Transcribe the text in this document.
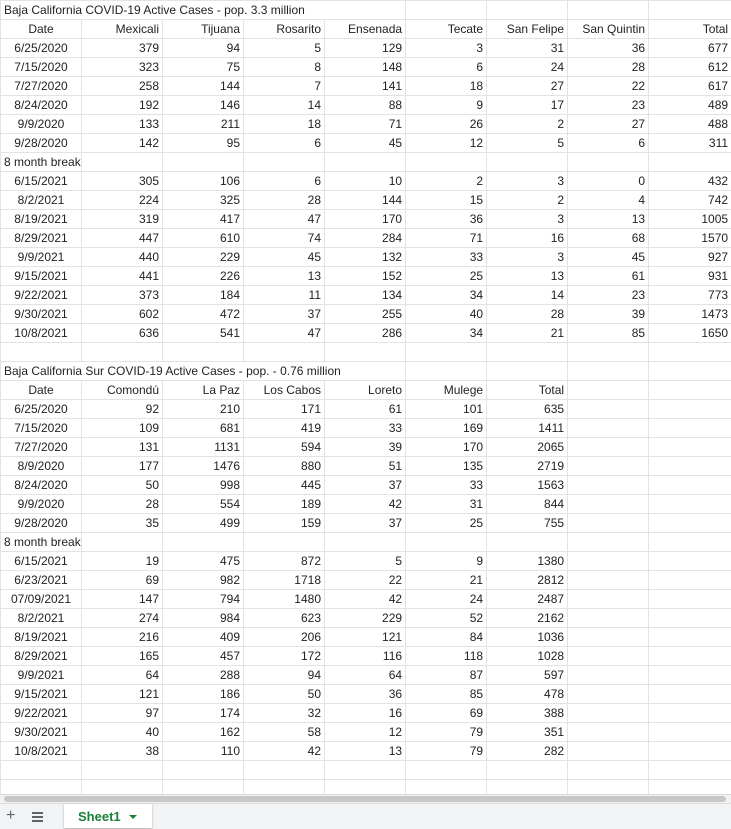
Baja California COVID-19 Active Cases - pop. 3.3 million								
Date	Mexicali	Tijuana	Rosarito	Ensenada	Tecate	San Felipe	San Quintin	Total
6/25/2020	379	94	5	129	3	31	36	677
7/15/2020	323	75	8	148	6	24	28	612
7/27/2020	258	144	7	141	18	27	22	617
8/24/2020	192	146	14	88	9	17	23	489
9/9/2020	133	211	18	71	26	2	27	488
9/28/2020	142	95	6	45	12	5	6	311
8 month break								
6/15/2021	305	106	6	10	2	3	0	432
8/2/2021	224	325	28	144	15	2	4	742
8/19/2021	319	417	47	170	36	3	13	1005
8/29/2021	447	610	74	284	71	16	68	1570
9/9/2021	440	229	45	132	33	3	45	927
9/15/2021	441	226	13	152	25	13	61	931
9/22/2021	373	184	11	134	34	14	23	773
9/30/2021	602	472	37	255	40	28	39	1473
10/8/2021	636	541	47	286	34	21	85	1650

Baja California Sur COVID-19 Active Cases - pop. - 0.76 million								
Date	Comondú	La Paz	Los Cabos	Loreto	Mulege	Total		
6/25/2020	92	210	171	61	101	635		
7/15/2020	109	681	419	33	169	1411		
7/27/2020	131	1131	594	39	170	2065		
8/9/2020	177	1476	880	51	135	2719		
8/24/2020	50	998	445	37	33	1563		
9/9/2020	28	554	189	42	31	844		
9/28/2020	35	499	159	37	25	755		
8 month break								
6/15/2021	19	475	872	5	9	1380		
6/23/2021	69	982	1718	22	21	2812		
07/09/2021	147	794	1480	42	24	2487		
8/2/2021	274	984	623	229	52	2162		
8/19/2021	216	409	206	121	84	1036		
8/29/2021	165	457	172	116	118	1028		
9/9/2021	64	288	94	64	87	597		
9/15/2021	121	186	50	36	85	478		
9/22/2021	97	174	32	16	69	388		
9/30/2021	40	162	58	12	79	351		
10/8/2021	38	110	42	13	79	282		

+	Sheet1
